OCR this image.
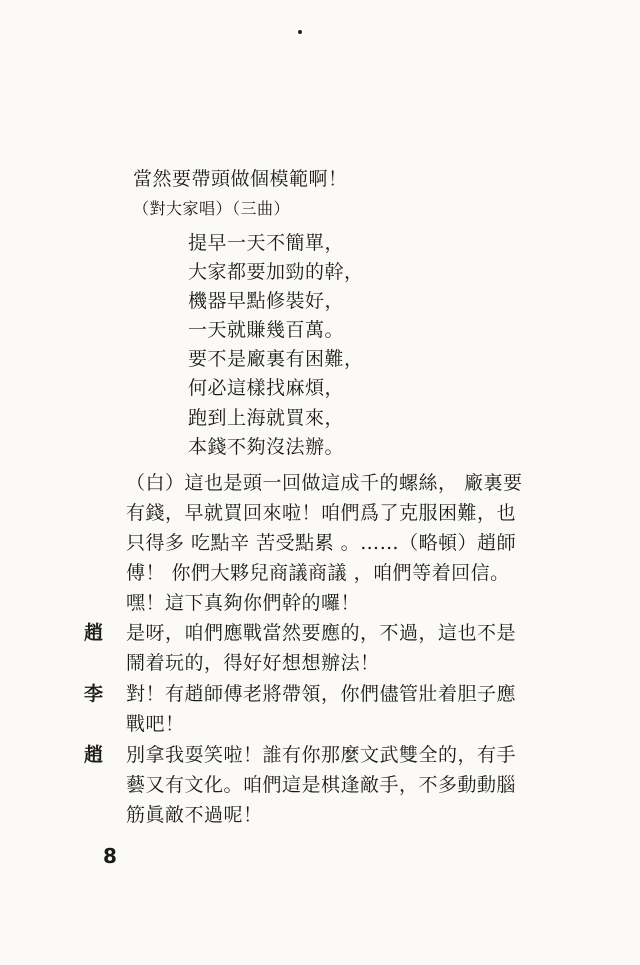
當然要帶頭做個模範啊！
（對大家唱）（三曲）
提早一天不簡單，
大家都要加勁的幹，
機器早點修裝好，
一天就賺幾百萬。
要不是廠裏有困難，
何必這樣找麻煩，
跑到上海就買來，
本錢不夠沒法辦。
（白）這也是頭一回做這成千的螺絲， 廠裏要
有錢，早就買回來啦！咱們爲了克服困難，也
只得多 吃點辛 苦受點累 。……（略頓）趙師
傅！ 你們大夥兒商議商議 ，咱們等着回信。
嘿！這下真夠你們幹的囉！
趙 是呀，咱們應戰當然要應的，不過，這也不是
鬧着玩的，得好好想想辦法！
李 對！有趙師傅老將帶領，你們儘管壯着胆子應
戰吧！
趙 別拿我耍笑啦！誰有你那麼文武雙全的，有手
藝又有文化。咱們這是棋逢敵手，不多動動腦
筋眞敵不過呢！
8
